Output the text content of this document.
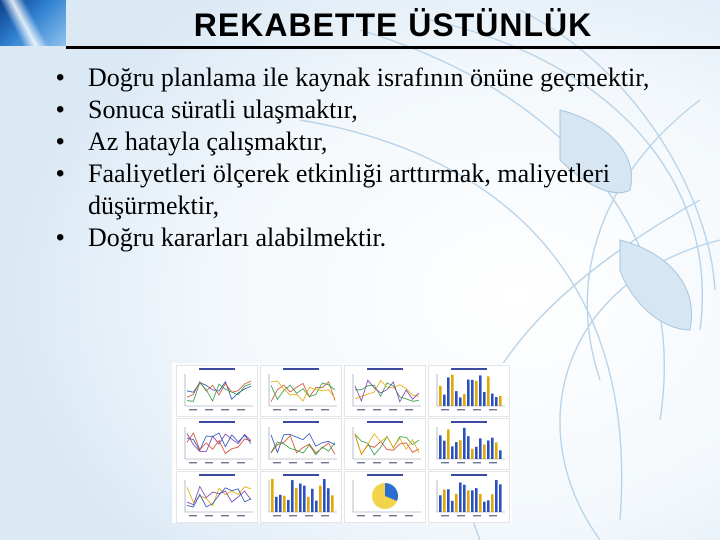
REKABETTE ÜSTÜNLÜK
• Doğru planlama ile kaynak israfının önüne geçmektir,
• Sonuca süratli ulaşmaktır,
• Az hatayla çalışmaktır,
• Faaliyetleri ölçerek etkinliği arttırmak, maliyetleri düşürmektir,
• Doğru kararları alabilmektir.
